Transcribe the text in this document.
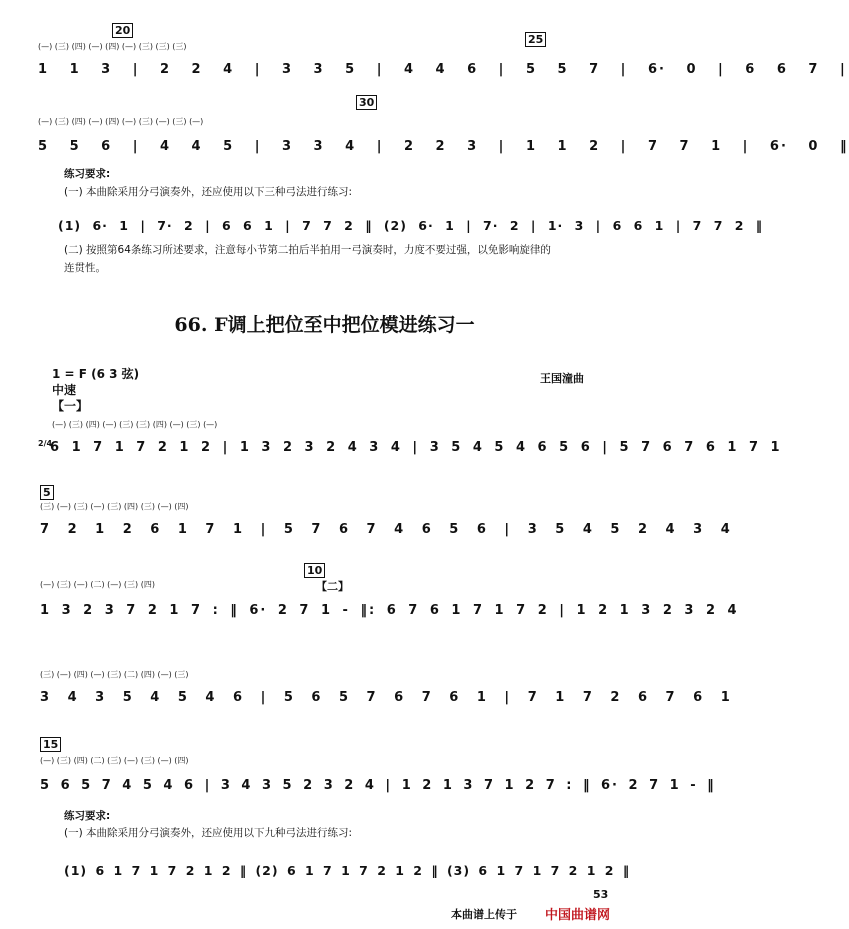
20
25
30
(—) (三) (四) (—) (四) (—) (三) (三) (三)
1 1 3 | 2 2 4 | 3 3 5 | 4 4 6 | 5 5 7 | 6· 0 | 6 6 7 |
(—) (三) (四) (—) (四) (—) (三) (—) (三) (—)
5 5 6 | 4 4 5 | 3 3 4 | 2 2 3 | 1 1 2 | 7 7 1 | 6· 0 ‖
练习要求:
(一) 本曲除采用分弓演奏外，还应使用以下三种弓法进行练习:
(1) 6· 1 | 7· 2 | 6 6 1 | 7 7 2 ‖ (2) 6· 1 | 7· 2 | 1· 3 | 6 6 1 | 7 7 2 ‖
(二) 按照第64条练习所述要求，注意每小节第二拍后半拍用一弓演奏时，力度不要过强，以免影响旋律的
连贯性。
66. F调上把位至中把位模进练习一
1 = F (6 3 弦)
中速
【一】
王国潼曲
(—) (三) (四) (—) (三) (三) (四) (—) (三) (—)
2/4
6 1 7 1 7 2 1 2 | 1 3 2 3 2 4 3 4 | 3 5 4 5 4 6 5 6 | 5 7 6 7 6 1 7 1
5
(三) (—) (三) (—) (三) (四) (三) (—) (四)
7 2 1 2 6 1 7 1 | 5 7 6 7 4 6 5 6 | 3 5 4 5 2 4 3 4
10
【二】
(—) (三) (—) (二) (—) (三) (四)
1 3 2 3 7 2 1 7 : ‖ 6· 2 7 1 - ‖: 6 7 6 1 7 1 7 2 | 1 2 1 3 2 3 2 4
(三) (—) (四) (—) (三) (二) (四) (—) (三)
3 4 3 5 4 5 4 6 | 5 6 5 7 6 7 6 1 | 7 1 7 2 6 7 6 1
15
(—) (三) (四) (二) (三) (—) (三) (—) (四)
5 6 5 7 4 5 4 6 | 3 4 3 5 2 3 2 4 | 1 2 1 3 7 1 2 7 : ‖ 6· 2 7 1 - ‖
练习要求:
(一) 本曲除采用分弓演奏外，还应使用以下九种弓法进行练习:
(1) 6 1 7 1 7 2 1 2 ‖ (2) 6 1 7 1 7 2 1 2 ‖ (3) 6 1 7 1 7 2 1 2 ‖
53
本曲谱上传于 中国曲谱网
